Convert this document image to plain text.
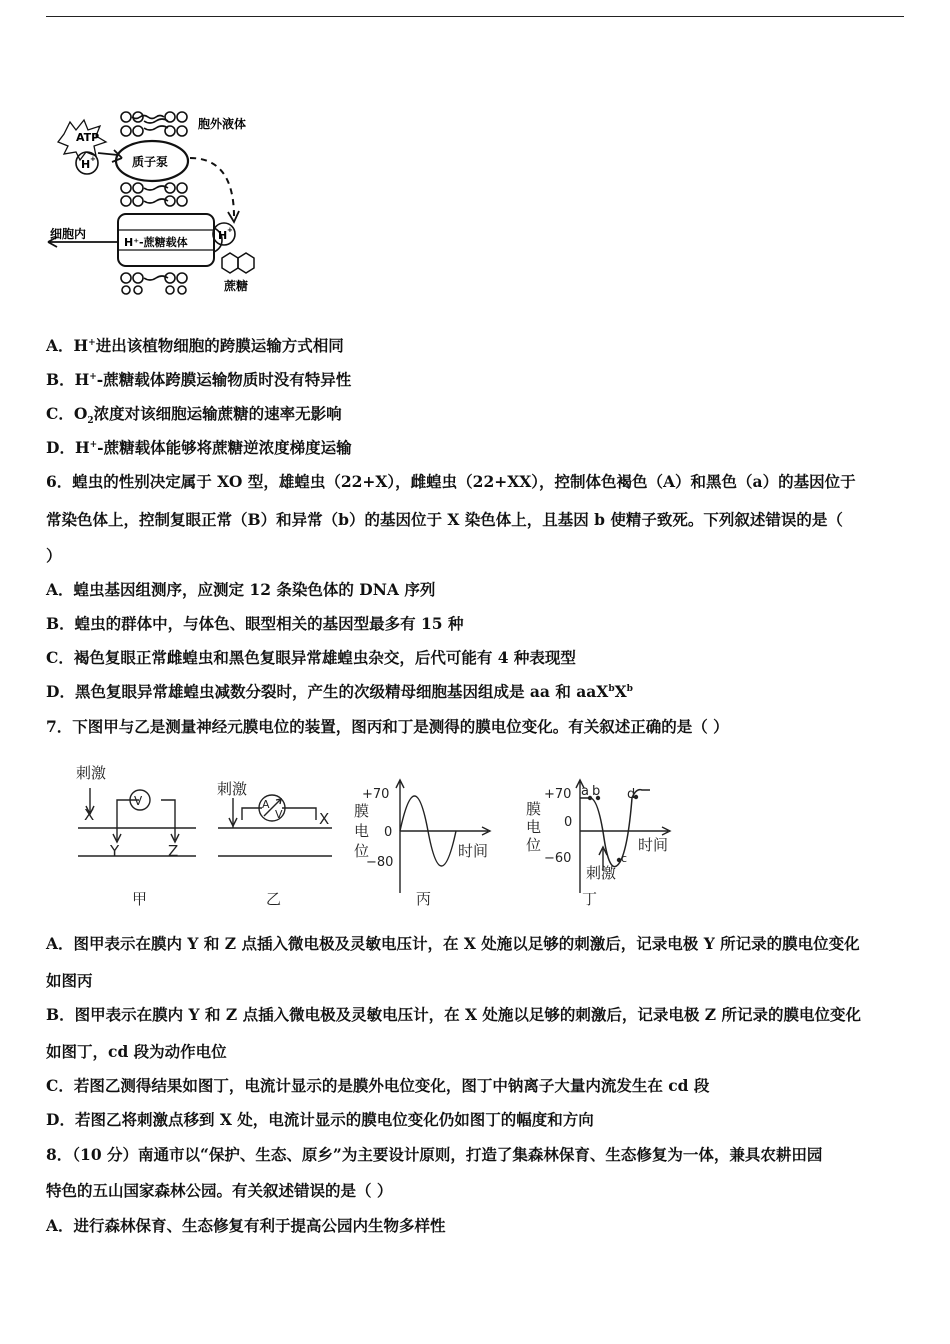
ATP
H +
H +
胞外液体
质子泵
细胞内
H⁺-蔗糖载体
蔗糖
A．H+进出该植物细胞的跨膜运输方式相同
B．H+-蔗糖载体跨膜运输物质时没有特异性
C．$O_2$浓度对该细胞运输蔗糖的速率无影响
D．H+-蔗糖载体能够将蔗糖逆浓度梯度运输
6．蝗虫的性别决定属于 XO 型，雄蝗虫（22+X），雌蝗虫（22+XX），控制体色褐色（A）和黑色（a）的基因位于
常染色体上，控制复眼正常（B）和异常（b）的基因位于 X 染色体上，且基因 b 使精子致死。下列叙述错误的是（
）
A．蝗虫基因组测序，应测定 12 条染色体的 DNA 序列
B．蝗虫的群体中，与体色、眼型相关的基因型最多有 15 种
C．褐色复眼正常雌蝗虫和黑色复眼异常雄蝗虫杂交，后代可能有 4 种表现型
D．黑色复眼异常雄蝗虫减数分裂时，产生的次级精母细胞基因组成是 aa 和 $aaX^bX^b$
7．下图甲与乙是测量神经元膜电位的装置，图丙和丁是测得的膜电位变化。有关叙述正确的是（ ）
刺激
X
Y	Z
V
刺激
X
A
V
+70
0
−80
膜
电
位	时间
+70
0
−60
膜
电
位	时间
a b
c
d
刺激
甲	乙	丙	丁
A．图甲表示在膜内 Y 和 Z 点插入微电极及灵敏电压计，在 X 处施以足够的刺激后，记录电极 Y 所记录的膜电位变化
如图丙
B．图甲表示在膜内 Y 和 Z 点插入微电极及灵敏电压计，在 X 处施以足够的刺激后，记录电极 Z 所记录的膜电位变化
如图丁，cd 段为动作电位
C．若图乙测得结果如图丁，电流计显示的是膜外电位变化，图丁中钠离子大量内流发生在 cd 段
D．若图乙将刺激点移到 X 处，电流计显示的膜电位变化仍如图丁的幅度和方向
8．（10 分）南通市以“保护、生态、原乡”为主要设计原则，打造了集森林保育、生态修复为一体，兼具农耕田园
特色的五山国家森林公园。有关叙述错误的是（ ）
A．进行森林保育、生态修复有利于提高公园内生物多样性
